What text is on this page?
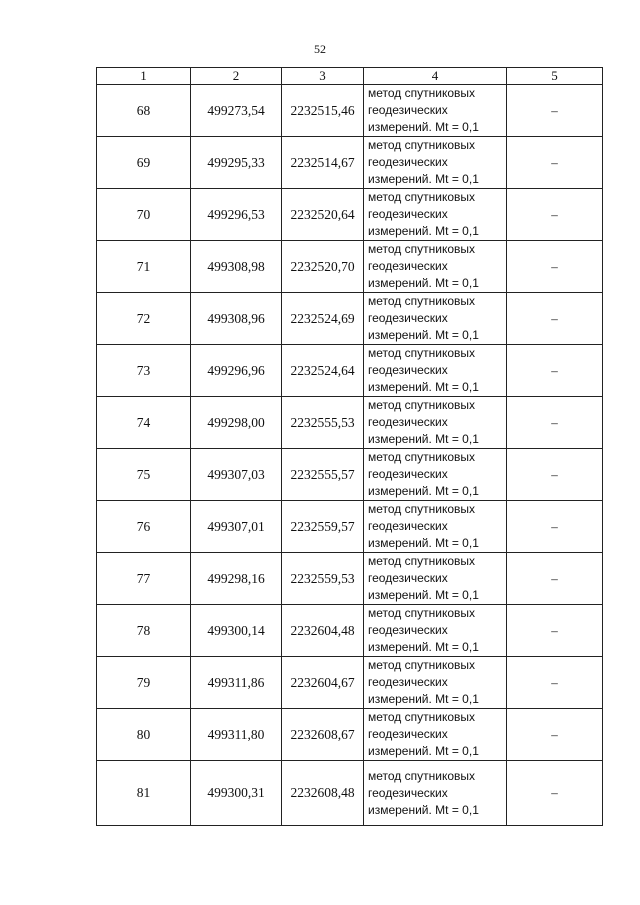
52
1	2	3	4	5
68	499273,54	2232515,46	метод спутниковых
геодезических
измерений. Mt = 0,1	–
69	499295,33	2232514,67	метод спутниковых
геодезических
измерений. Mt = 0,1	–
70	499296,53	2232520,64	метод спутниковых
геодезических
измерений. Mt = 0,1	–
71	499308,98	2232520,70	метод спутниковых
геодезических
измерений. Mt = 0,1	–
72	499308,96	2232524,69	метод спутниковых
геодезических
измерений. Mt = 0,1	–
73	499296,96	2232524,64	метод спутниковых
геодезических
измерений. Mt = 0,1	–
74	499298,00	2232555,53	метод спутниковых
геодезических
измерений. Mt = 0,1	–
75	499307,03	2232555,57	метод спутниковых
геодезических
измерений. Mt = 0,1	–
76	499307,01	2232559,57	метод спутниковых
геодезических
измерений. Mt = 0,1	–
77	499298,16	2232559,53	метод спутниковых
геодезических
измерений. Mt = 0,1	–
78	499300,14	2232604,48	метод спутниковых
геодезических
измерений. Mt = 0,1	–
79	499311,86	2232604,67	метод спутниковых
геодезических
измерений. Mt = 0,1	–
80	499311,80	2232608,67	метод спутниковых
геодезических
измерений. Mt = 0,1	–
81	499300,31	2232608,48	метод спутниковых
геодезических
измерений. Mt = 0,1	–
